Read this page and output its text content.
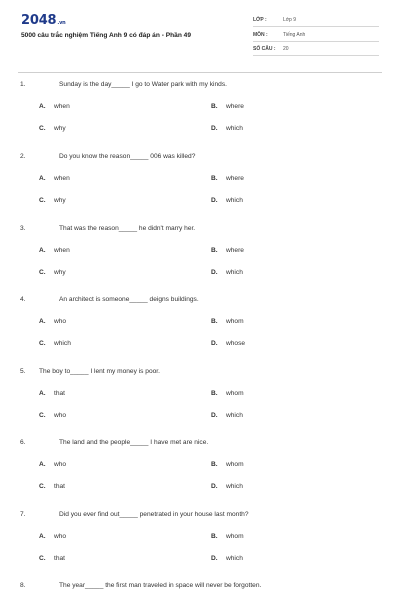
2048.vn
5000 câu trắc nghiệm Tiếng Anh 9 có đáp án - Phần 49
LỚP :	Lớp 9
MÔN :	Tiếng Anh
SỐ CÂU : 20
1.	Sunday is the day_____ I go to Water park with my kinds.
A. when	B. where
C. why	D. which
2.	Do you know the reason_____ 006 was killed?
A. when	B. where
C. why	D. which
3.	That was the reason_____ he didn't marry her.
A. when	B. where
C. why	D. which
4.	An architect is someone_____ deigns buildings.
A. who	B. whom
C. which	D. whose
5. The boy to_____ I lent my money is poor.
A. that	B. whom
C. who	D. which
6.	The land and the people_____ I have met are nice.
A. who	B. whom
C. that	D. which
7.	Did you ever find out_____ penetrated in your house last month?
A. who	B. whom
C. that	D. which
8.	The year_____ the first man traveled in space will never be forgotten.
